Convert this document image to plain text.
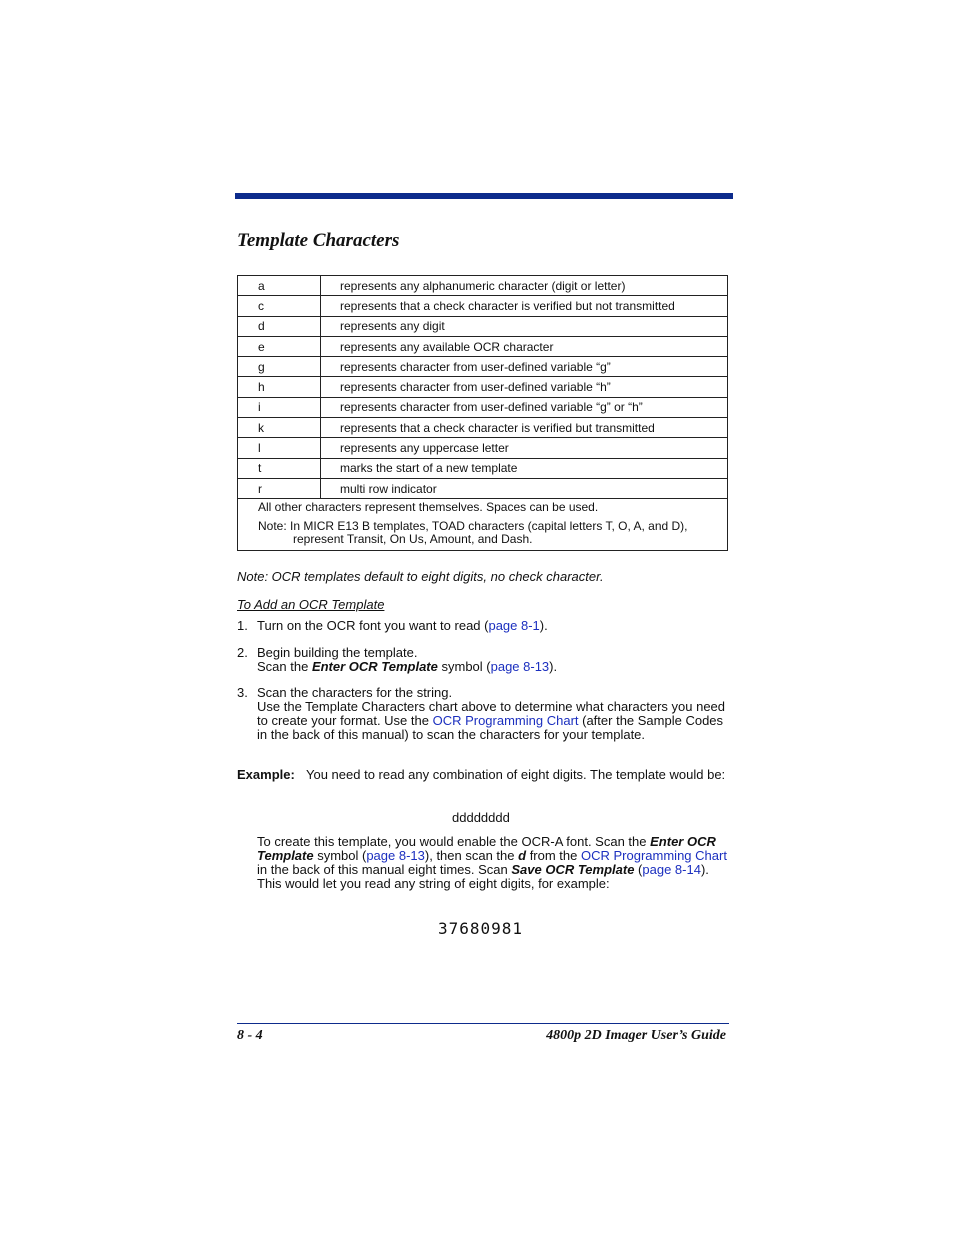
Template Characters
a	represents any alphanumeric character (digit or letter)
c	represents that a check character is verified but not transmitted
d	represents any digit
e	represents any available OCR character
g	represents character from user-defined variable “g”
h	represents character from user-defined variable “h”
i	represents character from user-defined variable “g” or “h”
k	represents that a check character is verified but transmitted
l	represents any uppercase letter
t	marks the start of a new template
r	multi row indicator

All other characters represent themselves. Spaces can be used.

Note: In MICR E13 B templates, TOAD characters (capital letters T, O, A, and D), represent Transit, On Us, Amount, and Dash.	

Note: OCR templates default to eight digits, no check character.

To Add an OCR Template

1. Turn on the OCR font you want to read (page 8-1).

2. Begin building the template.

Scan the Enter OCR Template symbol (page 8-13).

3. Scan the characters for the string.

Use the Template Characters chart above to determine what characters you need to create your format. Use the OCR Programming Chart (after the Sample Codes in the back of this manual) to scan the characters for your template.

Example: You need to read any combination of eight digits. The template would be:
dddddddd

To create this template, you would enable the OCR-A font. Scan the Enter OCR Template symbol (page 8-13), then scan the d from the OCR Programming Chart in the back of this manual eight times. Scan Save OCR Template (page 8-14). This would let you read any string of eight digits, for example:

37680981

8 - 4	4800p 2D Imager User’s Guide
